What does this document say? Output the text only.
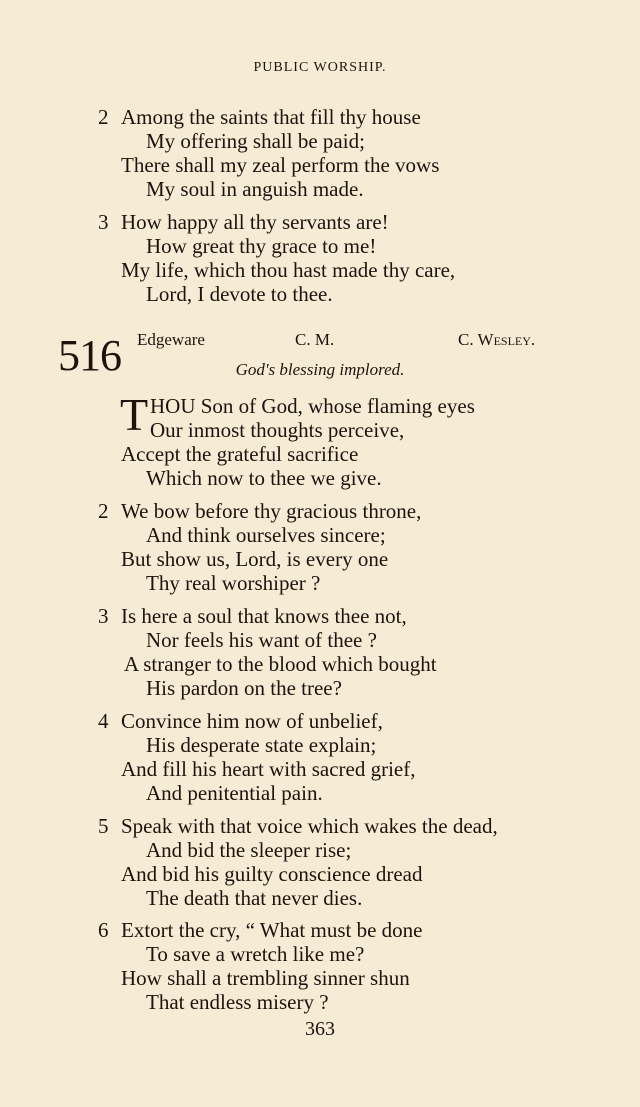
PUBLIC WORSHIP.
2 Among the saints that fill thy house
My offering shall be paid;
There shall my zeal perform the vows
My soul in anguish made.
3 How happy all thy servants are!
How great thy grace to me!
My life, which thou hast made thy care,
Lord, I devote to thee.
516 Edgeware	C. M.	C. Wesley.
God's blessing implored.
T HOU Son of God, whose flaming eyes
Our inmost thoughts perceive,
Accept the grateful sacrifice
Which now to thee we give.
2 We bow before thy gracious throne,
And think ourselves sincere;
But show us, Lord, is every one
Thy real worshiper ?
3 Is here a soul that knows thee not,
Nor feels his want of thee ?
A stranger to the blood which bought
His pardon on the tree?
4 Convince him now of unbelief,
His desperate state explain;
And fill his heart with sacred grief,
And penitential pain.
5 Speak with that voice which wakes the dead,
And bid the sleeper rise;
And bid his guilty conscience dread
The death that never dies.
6 Extort the cry, “ What must be done
To save a wretch like me?
How shall a trembling sinner shun
That endless misery ?
363
